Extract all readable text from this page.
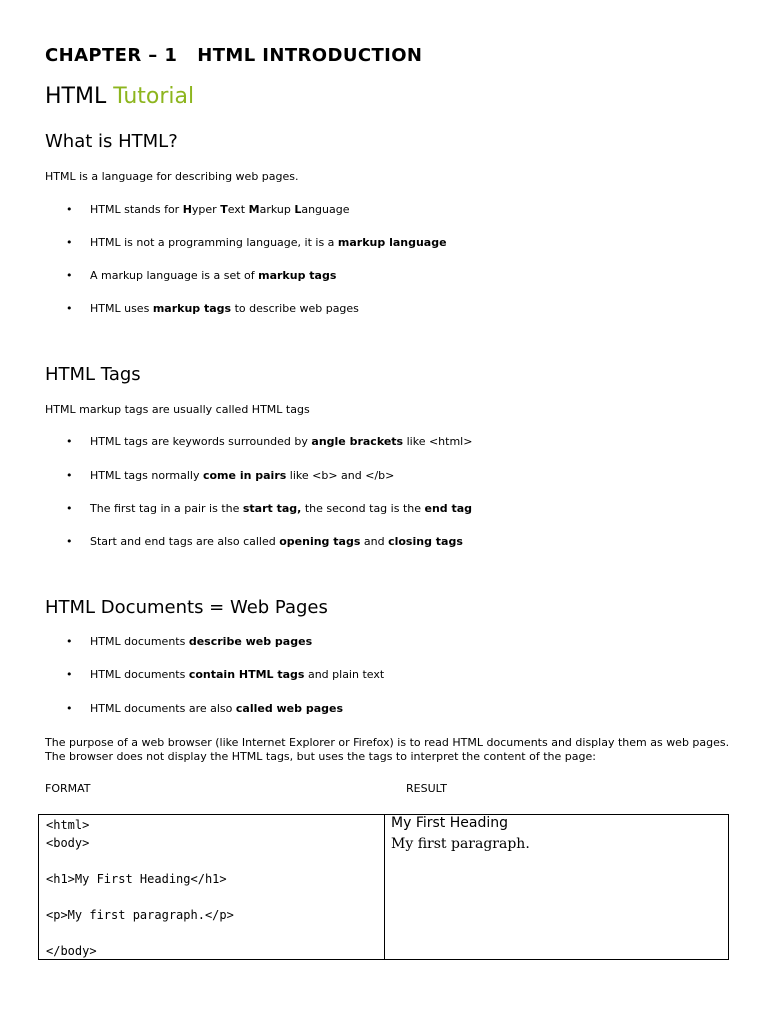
CHAPTER – 1   HTML INTRODUCTION
HTML Tutorial
What is HTML?
HTML is a language for describing web pages.
• HTML stands for Hyper Text Markup Language
• HTML is not a programming language, it is a markup language
• A markup language is a set of markup tags
• HTML uses markup tags to describe web pages
HTML Tags
HTML markup tags are usually called HTML tags
• HTML tags are keywords surrounded by angle brackets like <html>
• HTML tags normally come in pairs like <b> and </b>
• The first tag in a pair is the start tag, the second tag is the end tag
• Start and end tags are also called opening tags and closing tags
HTML Documents = Web Pages
• HTML documents describe web pages
• HTML documents contain HTML tags and plain text
• HTML documents are also called web pages
The purpose of a web browser (like Internet Explorer or Firefox) is to read HTML documents and display them as web pages. The browser does not display the HTML tags, but uses the tags to interpret the content of the page:
FORMAT	RESULT
<html>
<body>

<h1>My First Heading</h1>

<p>My first paragraph.</p>

</body>
My First Heading
My first paragraph.
